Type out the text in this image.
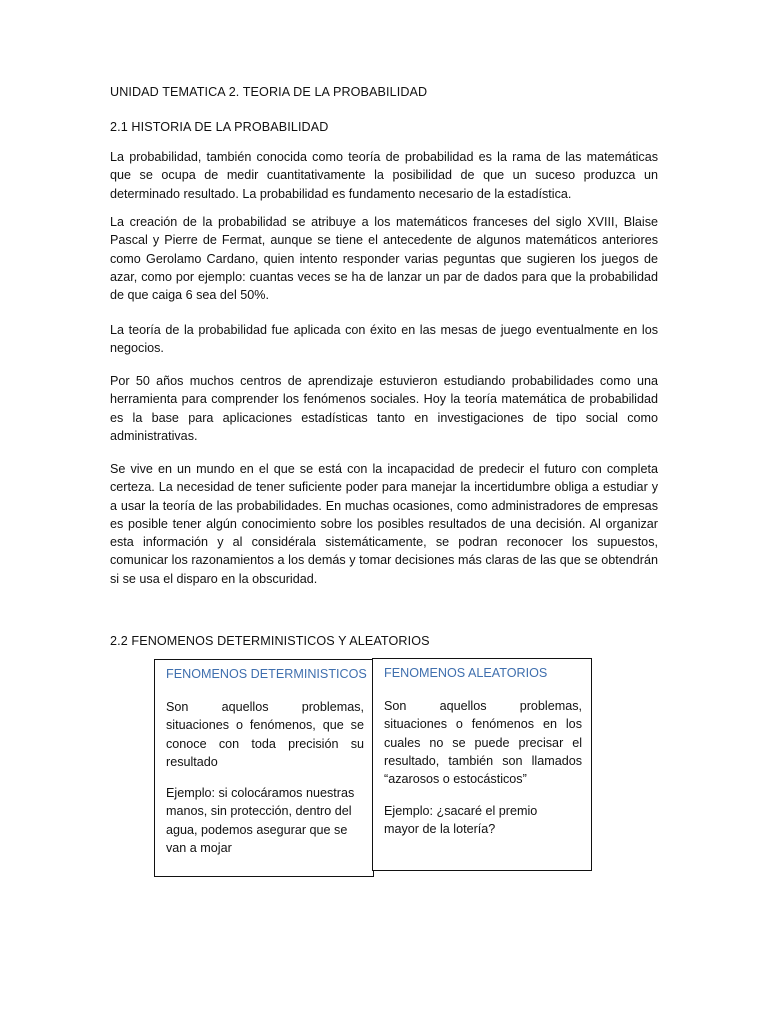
UNIDAD TEMATICA 2. TEORIA DE LA PROBABILIDAD
2.1 HISTORIA DE LA PROBABILIDAD

La probabilidad, también conocida como teoría de probabilidad es la rama de las matemáticas que se ocupa de medir cuantitativamente la posibilidad de que un suceso produzca un determinado resultado. La probabilidad es fundamento necesario de la estadística.

La creación de la probabilidad se atribuye a los matemáticos franceses del siglo XVIII, Blaise Pascal y Pierre de Fermat, aunque se tiene el antecedente de algunos matemáticos anteriores como Gerolamo Cardano, quien intento responder varias peguntas que sugieren los juegos de azar, como por ejemplo: cuantas veces se ha de lanzar un par de dados para que la probabilidad de que caiga 6 sea del 50%.

La teoría de la probabilidad fue aplicada con éxito en las mesas de juego eventualmente en los negocios.

Por 50 años muchos centros de aprendizaje estuvieron estudiando probabilidades como una herramienta para comprender los fenómenos sociales. Hoy la teoría matemática de probabilidad es la base para aplicaciones estadísticas tanto en investigaciones de tipo social como administrativas.

Se vive en un mundo en el que se está con la incapacidad de predecir el futuro con completa certeza. La necesidad de tener suficiente poder para manejar la incertidumbre obliga a estudiar y a usar la teoría de las probabilidades. En muchas ocasiones, como administradores de empresas es posible tener algún conocimiento sobre los posibles resultados de una decisión. Al organizar esta información y al considérala sistemáticamente, se podran reconocer los supuestos, comunicar los razonamientos a los demás y tomar decisiones más claras de las que se obtendrán si se usa el disparo en la obscuridad.

2.2 FENOMENOS DETERMINISTICOS Y ALEATORIOS
FENOMENOS DETERMINISTICOS

Son aquellos problemas, situaciones o fenómenos, que se conoce con toda precisión su resultado

Ejemplo: si colocáramos nuestras manos, sin protección, dentro del agua, podemos asegurar que se van a mojar

FENOMENOS ALEATORIOS

Son aquellos problemas, situaciones o fenómenos en los cuales no se puede precisar el resultado, también son llamados “azarosos o estocásticos”

Ejemplo: ¿sacaré el premio mayor de la lotería?
